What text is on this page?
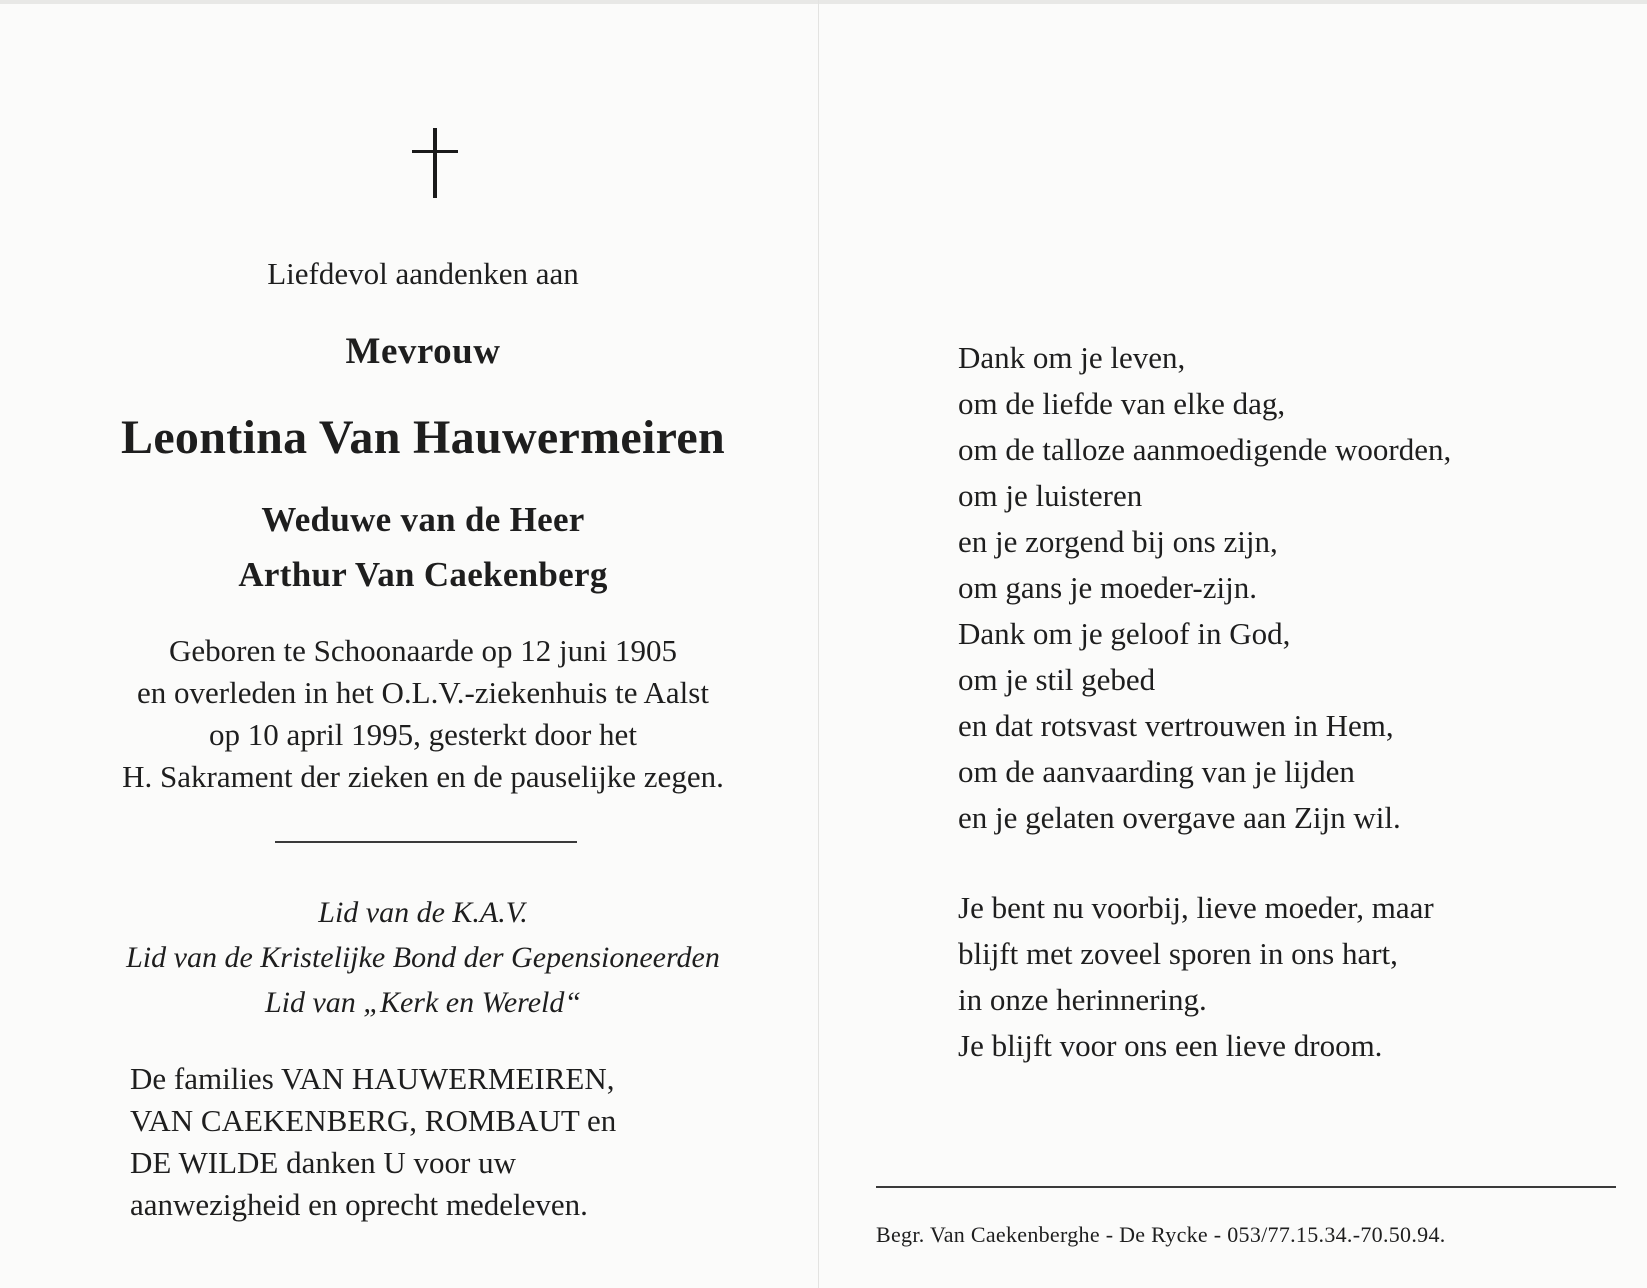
Liefdevol aandenken aan
Mevrouw
Leontina Van Hauwermeiren
Weduwe van de Heer
Arthur Van Caekenberg
Geboren te Schoonaarde op 12 juni 1905
en overleden in het O.L.V.-ziekenhuis te Aalst
op 10 april 1995, gesterkt door het
H. Sakrament der zieken en de pauselijke zegen.
Lid van de K.A.V.
Lid van de Kristelijke Bond der Gepensioneerden
Lid van „Kerk en Wereld“
De families VAN HAUWERMEIREN,
VAN CAEKENBERG, ROMBAUT en
DE WILDE danken U voor uw
aanwezigheid en oprecht medeleven.
Dank om je leven,
om de liefde van elke dag,
om de talloze aanmoedigende woorden,
om je luisteren
en je zorgend bij ons zijn,
om gans je moeder-zijn.
Dank om je geloof in God,
om je stil gebed
en dat rotsvast vertrouwen in Hem,
om de aanvaarding van je lijden
en je gelaten overgave aan Zijn wil.
Je bent nu voorbij, lieve moeder, maar
blijft met zoveel sporen in ons hart,
in onze herinnering.
Je blijft voor ons een lieve droom.
Begr. Van Caekenberghe - De Rycke - 053/77.15.34.-70.50.94.
